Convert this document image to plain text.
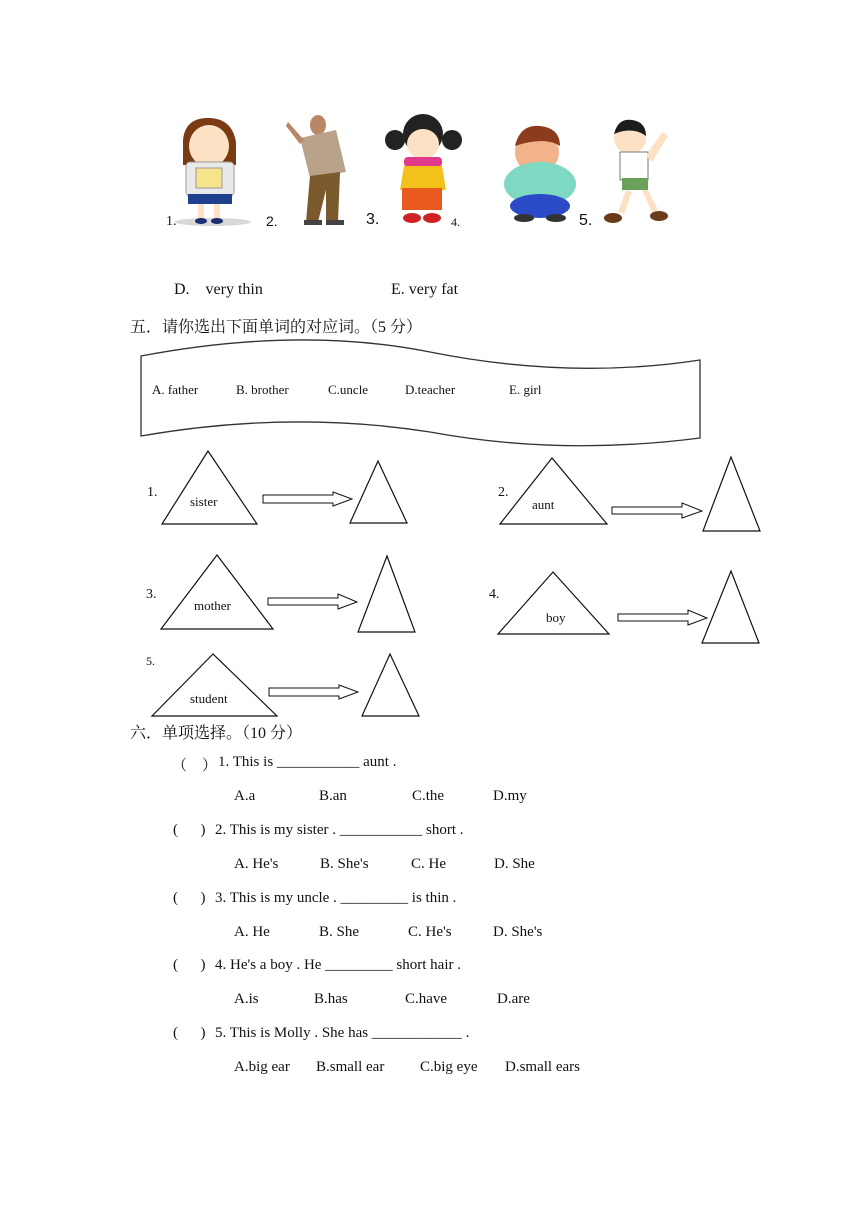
1.	2.	3.	4.	5.
D.    very thin	E. very fat
五．请你选出下面单词的对应词。（5 分）
A. father	B. brother	C.uncle	D.teacher	E. girl
1.
sister
2.
aunt
3.
mother
4.
boy
5.
student
六．单项选择。（10 分）
（    ） 1. This is ___________ aunt .
A.a	B.an	C.the	D.my
(      ) 2. This is my sister . ___________ short .
A. He's	B. She's	C. He	D. She
(      ) 3. This is my uncle . _________ is thin .
A. He	B. She	C. He's	D. She's
(      ) 4. He's a boy . He _________ short hair .
A.is	B.has	C.have	D.are
(      ) 5. This is Molly . She has ____________ .
A.big ear B.small ear C.big eye D.small ears
